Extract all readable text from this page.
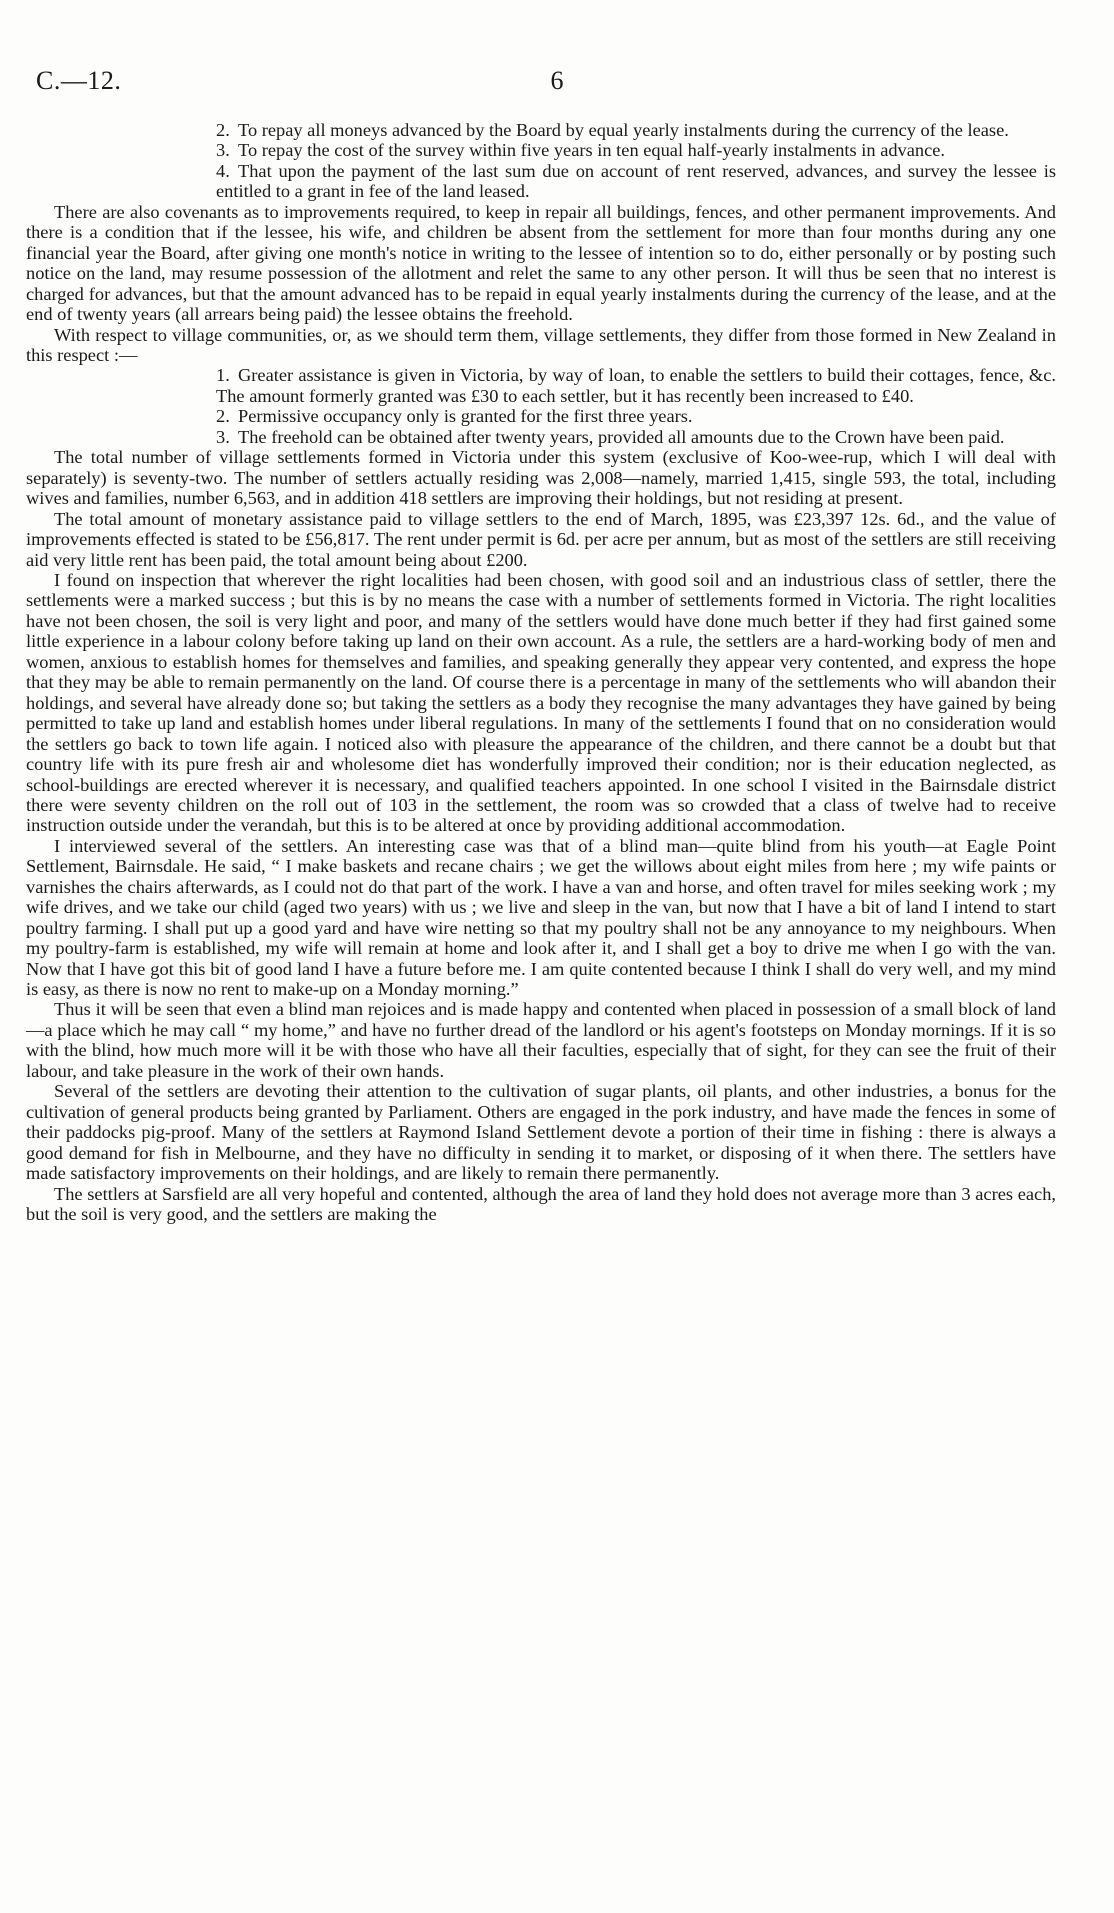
C.—12.	6

2. To repay all moneys advanced by the Board by equal yearly instalments during the currency of the lease.

3. To repay the cost of the survey within five years in ten equal half-yearly instalments in advance.

4. That upon the payment of the last sum due on account of rent reserved, advances, and survey the lessee is entitled to a grant in fee of the land leased.

There are also covenants as to improvements required, to keep in repair all buildings, fences, and other permanent improvements. And there is a condition that if the lessee, his wife, and children be absent from the settlement for more than four months during any one financial year the Board, after giving one month's notice in writing to the lessee of intention so to do, either personally or by posting such notice on the land, may resume possession of the allotment and relet the same to any other person. It will thus be seen that no interest is charged for advances, but that the amount advanced has to be repaid in equal yearly instalments during the currency of the lease, and at the end of twenty years (all arrears being paid) the lessee obtains the freehold.

With respect to village communities, or, as we should term them, village settlements, they differ from those formed in New Zealand in this respect :—

1. Greater assistance is given in Victoria, by way of loan, to enable the settlers to build their cottages, fence, &c. The amount formerly granted was £30 to each settler, but it has recently been increased to £40.

2. Permissive occupancy only is granted for the first three years.

3. The freehold can be obtained after twenty years, provided all amounts due to the Crown have been paid.

The total number of village settlements formed in Victoria under this system (exclusive of Koo-wee-rup, which I will deal with separately) is seventy-two. The number of settlers actually residing was 2,008—namely, married 1,415, single 593, the total, including wives and families, number 6,563, and in addition 418 settlers are improving their holdings, but not residing at present.

The total amount of monetary assistance paid to village settlers to the end of March, 1895, was £23,397 12s. 6d., and the value of improvements effected is stated to be £56,817. The rent under permit is 6d. per acre per annum, but as most of the settlers are still receiving aid very little rent has been paid, the total amount being about £200.

I found on inspection that wherever the right localities had been chosen, with good soil and an industrious class of settler, there the settlements were a marked success ; but this is by no means the case with a number of settlements formed in Victoria. The right localities have not been chosen, the soil is very light and poor, and many of the settlers would have done much better if they had first gained some little experience in a labour colony before taking up land on their own account. As a rule, the settlers are a hard-working body of men and women, anxious to establish homes for themselves and families, and speaking generally they appear very contented, and express the hope that they may be able to remain permanently on the land. Of course there is a percentage in many of the settlements who will abandon their holdings, and several have already done so; but taking the settlers as a body they recognise the many advantages they have gained by being permitted to take up land and establish homes under liberal regulations. In many of the settlements I found that on no consideration would the settlers go back to town life again. I noticed also with pleasure the appearance of the children, and there cannot be a doubt but that country life with its pure fresh air and wholesome diet has wonderfully improved their condition; nor is their education neglected, as school-buildings are erected wherever it is necessary, and qualified teachers appointed. In one school I visited in the Bairnsdale district there were seventy children on the roll out of 103 in the settlement, the room was so crowded that a class of twelve had to receive instruction outside under the verandah, but this is to be altered at once by providing additional accommodation.

I interviewed several of the settlers. An interesting case was that of a blind man—quite blind from his youth—at Eagle Point Settlement, Bairnsdale. He said, “ I make baskets and recane chairs ; we get the willows about eight miles from here ; my wife paints or varnishes the chairs afterwards, as I could not do that part of the work. I have a van and horse, and often travel for miles seeking work ; my wife drives, and we take our child (aged two years) with us ; we live and sleep in the van, but now that I have a bit of land I intend to start poultry farming. I shall put up a good yard and have wire netting so that my poultry shall not be any annoyance to my neighbours. When my poultry-farm is established, my wife will remain at home and look after it, and I shall get a boy to drive me when I go with the van. Now that I have got this bit of good land I have a future before me. I am quite contented because I think I shall do very well, and my mind is easy, as there is now no rent to make-up on a Monday morning.”

Thus it will be seen that even a blind man rejoices and is made happy and contented when placed in possession of a small block of land—a place which he may call “ my home,” and have no further dread of the landlord or his agent's footsteps on Monday mornings. If it is so with the blind, how much more will it be with those who have all their faculties, especially that of sight, for they can see the fruit of their labour, and take pleasure in the work of their own hands.

Several of the settlers are devoting their attention to the cultivation of sugar plants, oil plants, and other industries, a bonus for the cultivation of general products being granted by Parliament. Others are engaged in the pork industry, and have made the fences in some of their paddocks pig-proof. Many of the settlers at Raymond Island Settlement devote a portion of their time in fishing : there is always a good demand for fish in Melbourne, and they have no difficulty in sending it to market, or disposing of it when there. The settlers have made satisfactory improvements on their holdings, and are likely to remain there permanently.

The settlers at Sarsfield are all very hopeful and contented, although the area of land they hold does not average more than 3 acres each, but the soil is very good, and the settlers are making the
